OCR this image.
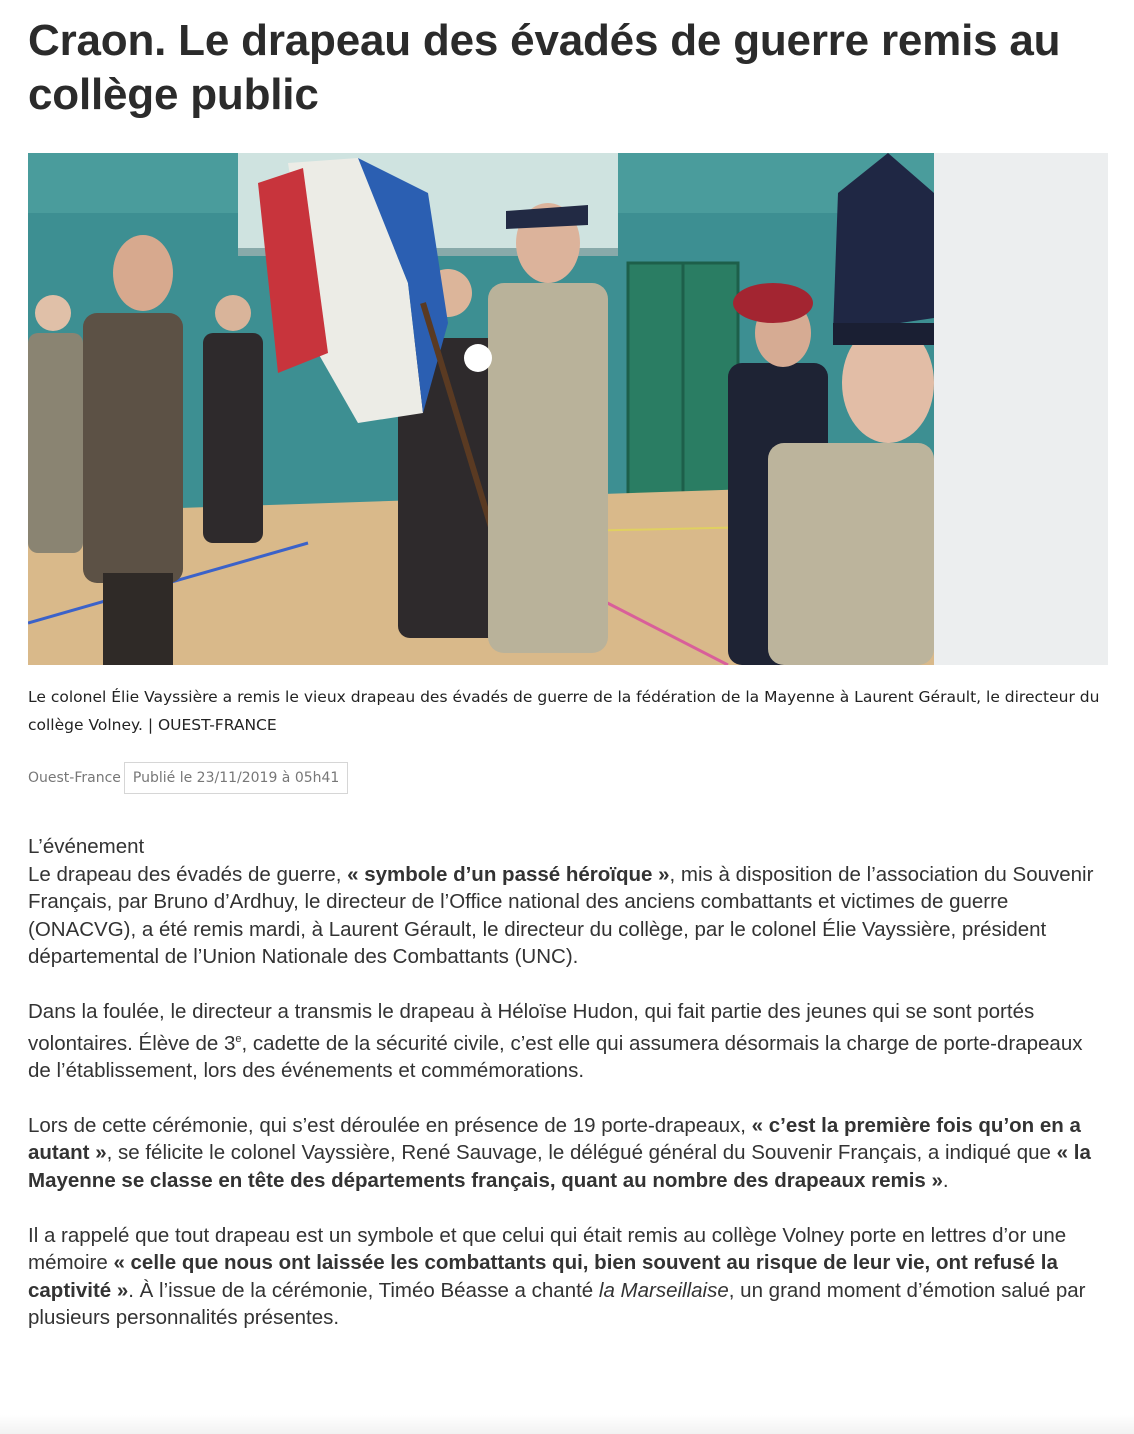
Craon. Le drapeau des évadés de guerre remis au collège public
Le colonel Élie Vayssière a remis le vieux drapeau des évadés de guerre de la fédération de la Mayenne à Laurent Gérault, le directeur du collège Volney. | OUEST-FRANCE
Ouest-France Publié le 23/11/2019 à 05h41
L’événement

Le drapeau des évadés de guerre, « symbole d’un passé héroïque », mis à disposition de l’association du Souvenir Français, par Bruno d’Ardhuy, le directeur de l’Office national des anciens combattants et victimes de guerre (ONACVG), a été remis mardi, à Laurent Gérault, le directeur du collège, par le colonel Élie Vayssière, président départemental de l’Union Nationale des Combattants (UNC).

Dans la foulée, le directeur a transmis le drapeau à Héloïse Hudon, qui fait partie des jeunes qui se sont portés volontaires. Élève de 3e, cadette de la sécurité civile, c’est elle qui assumera désormais la charge de porte-drapeaux de l’établissement, lors des événements et commémorations.

Lors de cette cérémonie, qui s’est déroulée en présence de 19 porte-drapeaux, « c’est la première fois qu’on en a autant », se félicite le colonel Vayssière, René Sauvage, le délégué général du Souvenir Français, a indiqué que « la Mayenne se classe en tête des départements français, quant au nombre des drapeaux remis ».

Il a rappelé que tout drapeau est un symbole et que celui qui était remis au collège Volney porte en lettres d’or une mémoire « celle que nous ont laissée les combattants qui, bien souvent au risque de leur vie, ont refusé la captivité ». À l’issue de la cérémonie, Timéo Béasse a chanté la Marseillaise, un grand moment d’émotion salué par plusieurs personnalités présentes.
